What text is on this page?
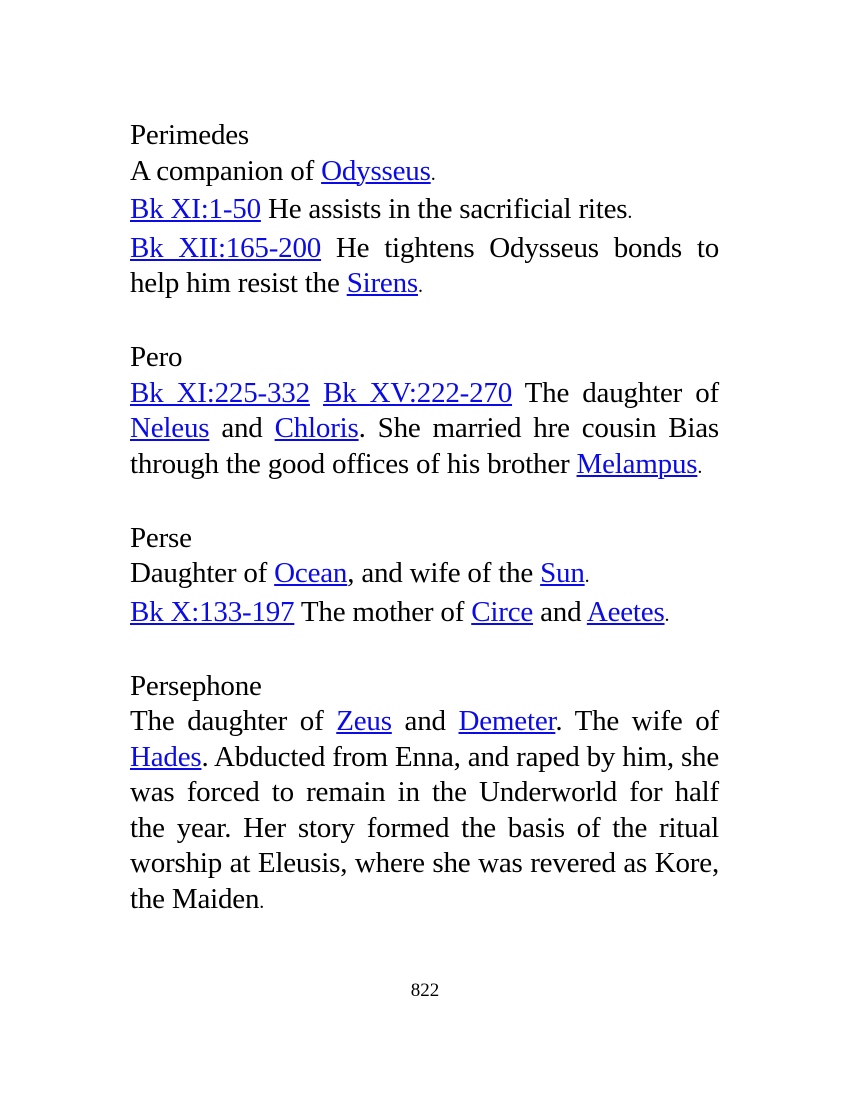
Perimedes
A companion of Odysseus.
Bk XI:1-50 He assists in the sacrificial rites.
Bk XII:165-200 He tightens Odysseus bonds to help him resist the Sirens.
Pero
Bk XI:225-332 Bk XV:222-270 The daughter of Neleus and Chloris. She married hre cousin Bias through the good offices of his brother Melampus.
Perse
Daughter of Ocean, and wife of the Sun.
Bk X:133-197 The mother of Circe and Aeetes.
Persephone
The daughter of Zeus and Demeter. The wife of Hades. Abducted from Enna, and raped by him, she was forced to remain in the Underworld for half the year. Her story formed the basis of the ritual worship at Eleusis, where she was revered as Kore, the Maiden.
822
